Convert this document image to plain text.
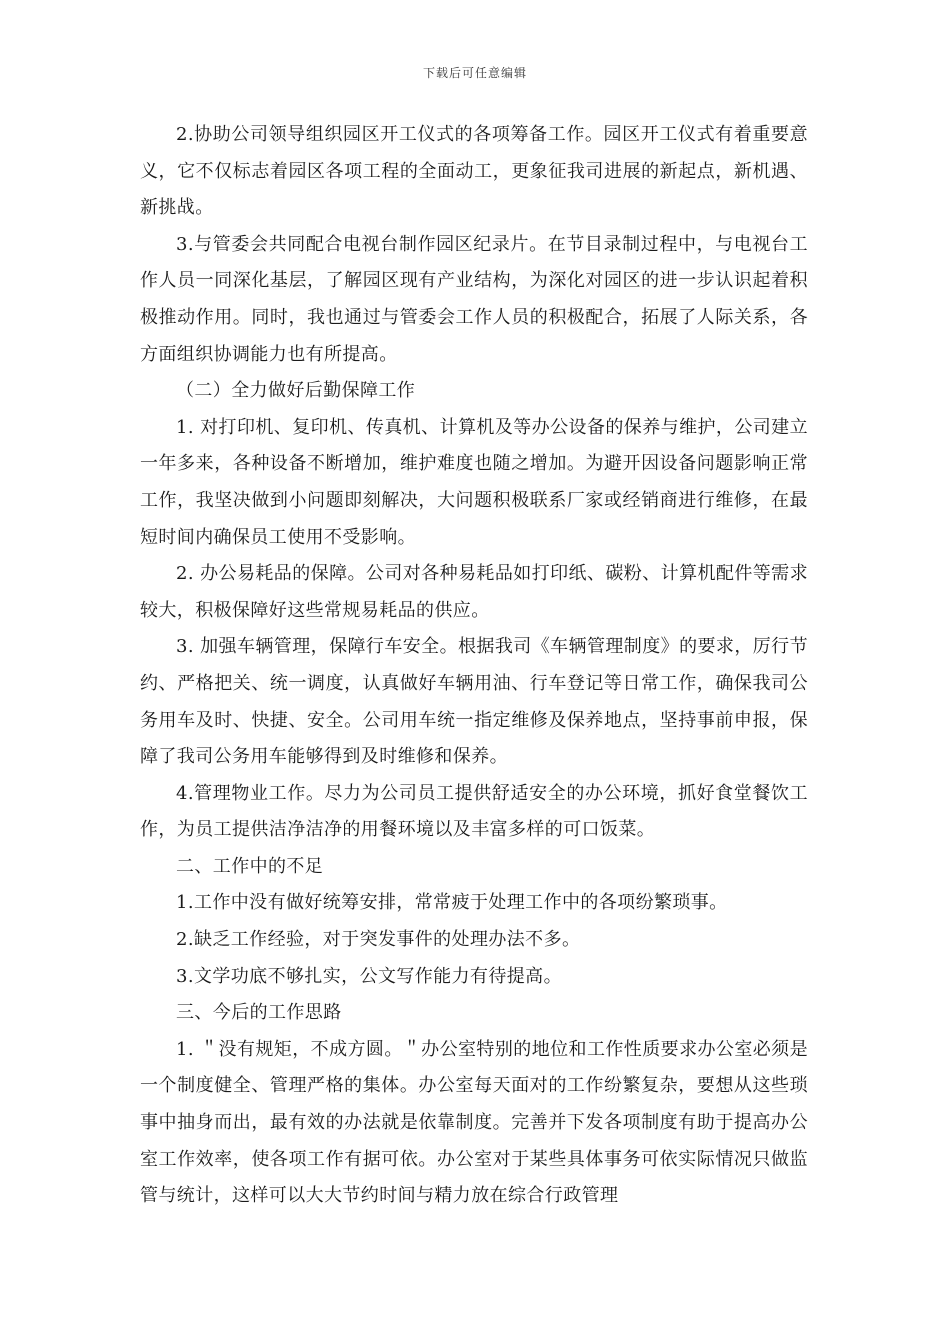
下载后可任意编辑

2.协助公司领导组织园区开工仪式的各项筹备工作。园区开工仪式有着重要意义，它不仅标志着园区各项工程的全面动工，更象征我司进展的新起点，新机遇、新挑战。

3.与管委会共同配合电视台制作园区纪录片。在节目录制过程中，与电视台工作人员一同深化基层，了解园区现有产业结构，为深化对园区的进一步认识起着积极推动作用。同时，我也通过与管委会工作人员的积极配合，拓展了人际关系，各方面组织协调能力也有所提高。

（二）全力做好后勤保障工作

1. 对打印机、复印机、传真机、计算机及等办公设备的保养与维护，公司建立一年多来，各种设备不断增加，维护难度也随之增加。为避开因设备问题影响正常工作，我坚决做到小问题即刻解决，大问题积极联系厂家或经销商进行维修，在最短时间内确保员工使用不受影响。

2. 办公易耗品的保障。公司对各种易耗品如打印纸、碳粉、计算机配件等需求较大，积极保障好这些常规易耗品的供应。

3. 加强车辆管理，保障行车安全。根据我司《车辆管理制度》的要求，厉行节约、严格把关、统一调度，认真做好车辆用油、行车登记等日常工作，确保我司公务用车及时、快捷、安全。公司用车统一指定维修及保养地点，坚持事前申报，保障了我司公务用车能够得到及时维修和保养。

4.管理物业工作。尽力为公司员工提供舒适安全的办公环境，抓好食堂餐饮工作，为员工提供洁净洁净的用餐环境以及丰富多样的可口饭菜。

二、工作中的不足

1.工作中没有做好统筹安排，常常疲于处理工作中的各项纷繁琐事。

2.缺乏工作经验，对于突发事件的处理办法不多。

3.文学功底不够扎实，公文写作能力有待提高。

三、今后的工作思路

1. ＂没有规矩，不成方圆。＂办公室特别的地位和工作性质要求办公室必须是一个制度健全、管理严格的集体。办公室每天面对的工作纷繁复杂，要想从这些琐事中抽身而出，最有效的办法就是依靠制度。完善并下发各项制度有助于提高办公室工作效率，使各项工作有据可依。办公室对于某些具体事务可依实际情况只做监管与统计，这样可以大大节约时间与精力放在综合行政管理
